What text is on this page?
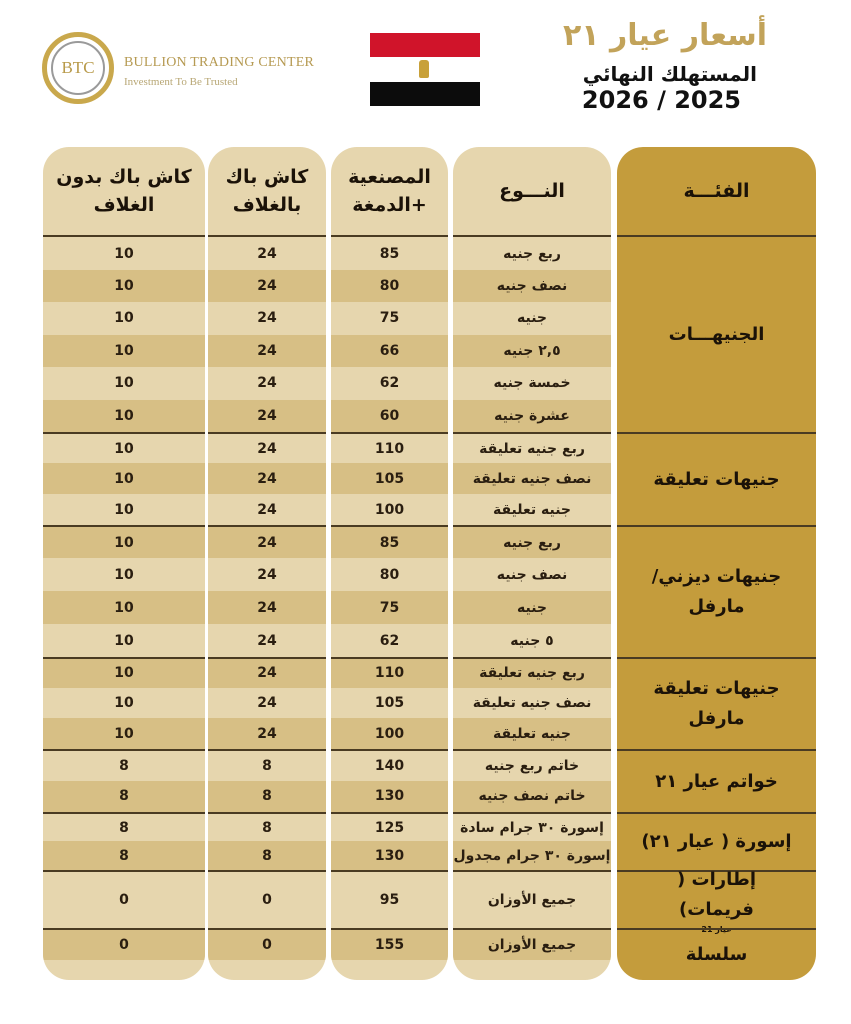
BTC BULLION TRADING CENTER
Investment To Be Trusted
أسعار عيار ٢١
المستهلك النهائي
2026 / 2025
كاش باك بدون الغلاف
10
10
10
10
10
10
10
10
10
10
10
10
10
10
10
10
8
8
8
8
0
0
كاش باك بالغلاف
24
24
24
24
24
24
24
24
24
24
24
24
24
24
24
24
8
8
8
8
0
0
المصنعية +الدمغة
85
80
75
66
62
60
110
105
100
85
80
75
62
110
105
100
140
130
125
130
95
155
النـــوع
ربع جنيه
نصف جنيه
جنيه
٢,٥ جنيه
خمسة جنيه
عشرة جنيه
ربع جنيه تعليقة
نصف جنيه تعليقة
جنيه تعليقة
ربع جنيه
نصف جنيه
جنيه
٥ جنيه
ربع جنيه تعليقة
نصف جنيه تعليقة
جنيه تعليقة
خاتم ربع جنيه
خاتم نصف جنيه
إسورة ٣٠ جرام سادة
إسورة ٣٠ جرام مجدول
جميع الأوزان
جميع الأوزان
الفئـــة
الجنيهـــات
جنيهات تعليقة
جنيهات ديزني/ مارفل
جنيهات تعليقة مارفل
خواتم عيار ٢١
إسورة ( عيار ٢١)
إطارات ( فريمات)
عيار 21
سلسلة
